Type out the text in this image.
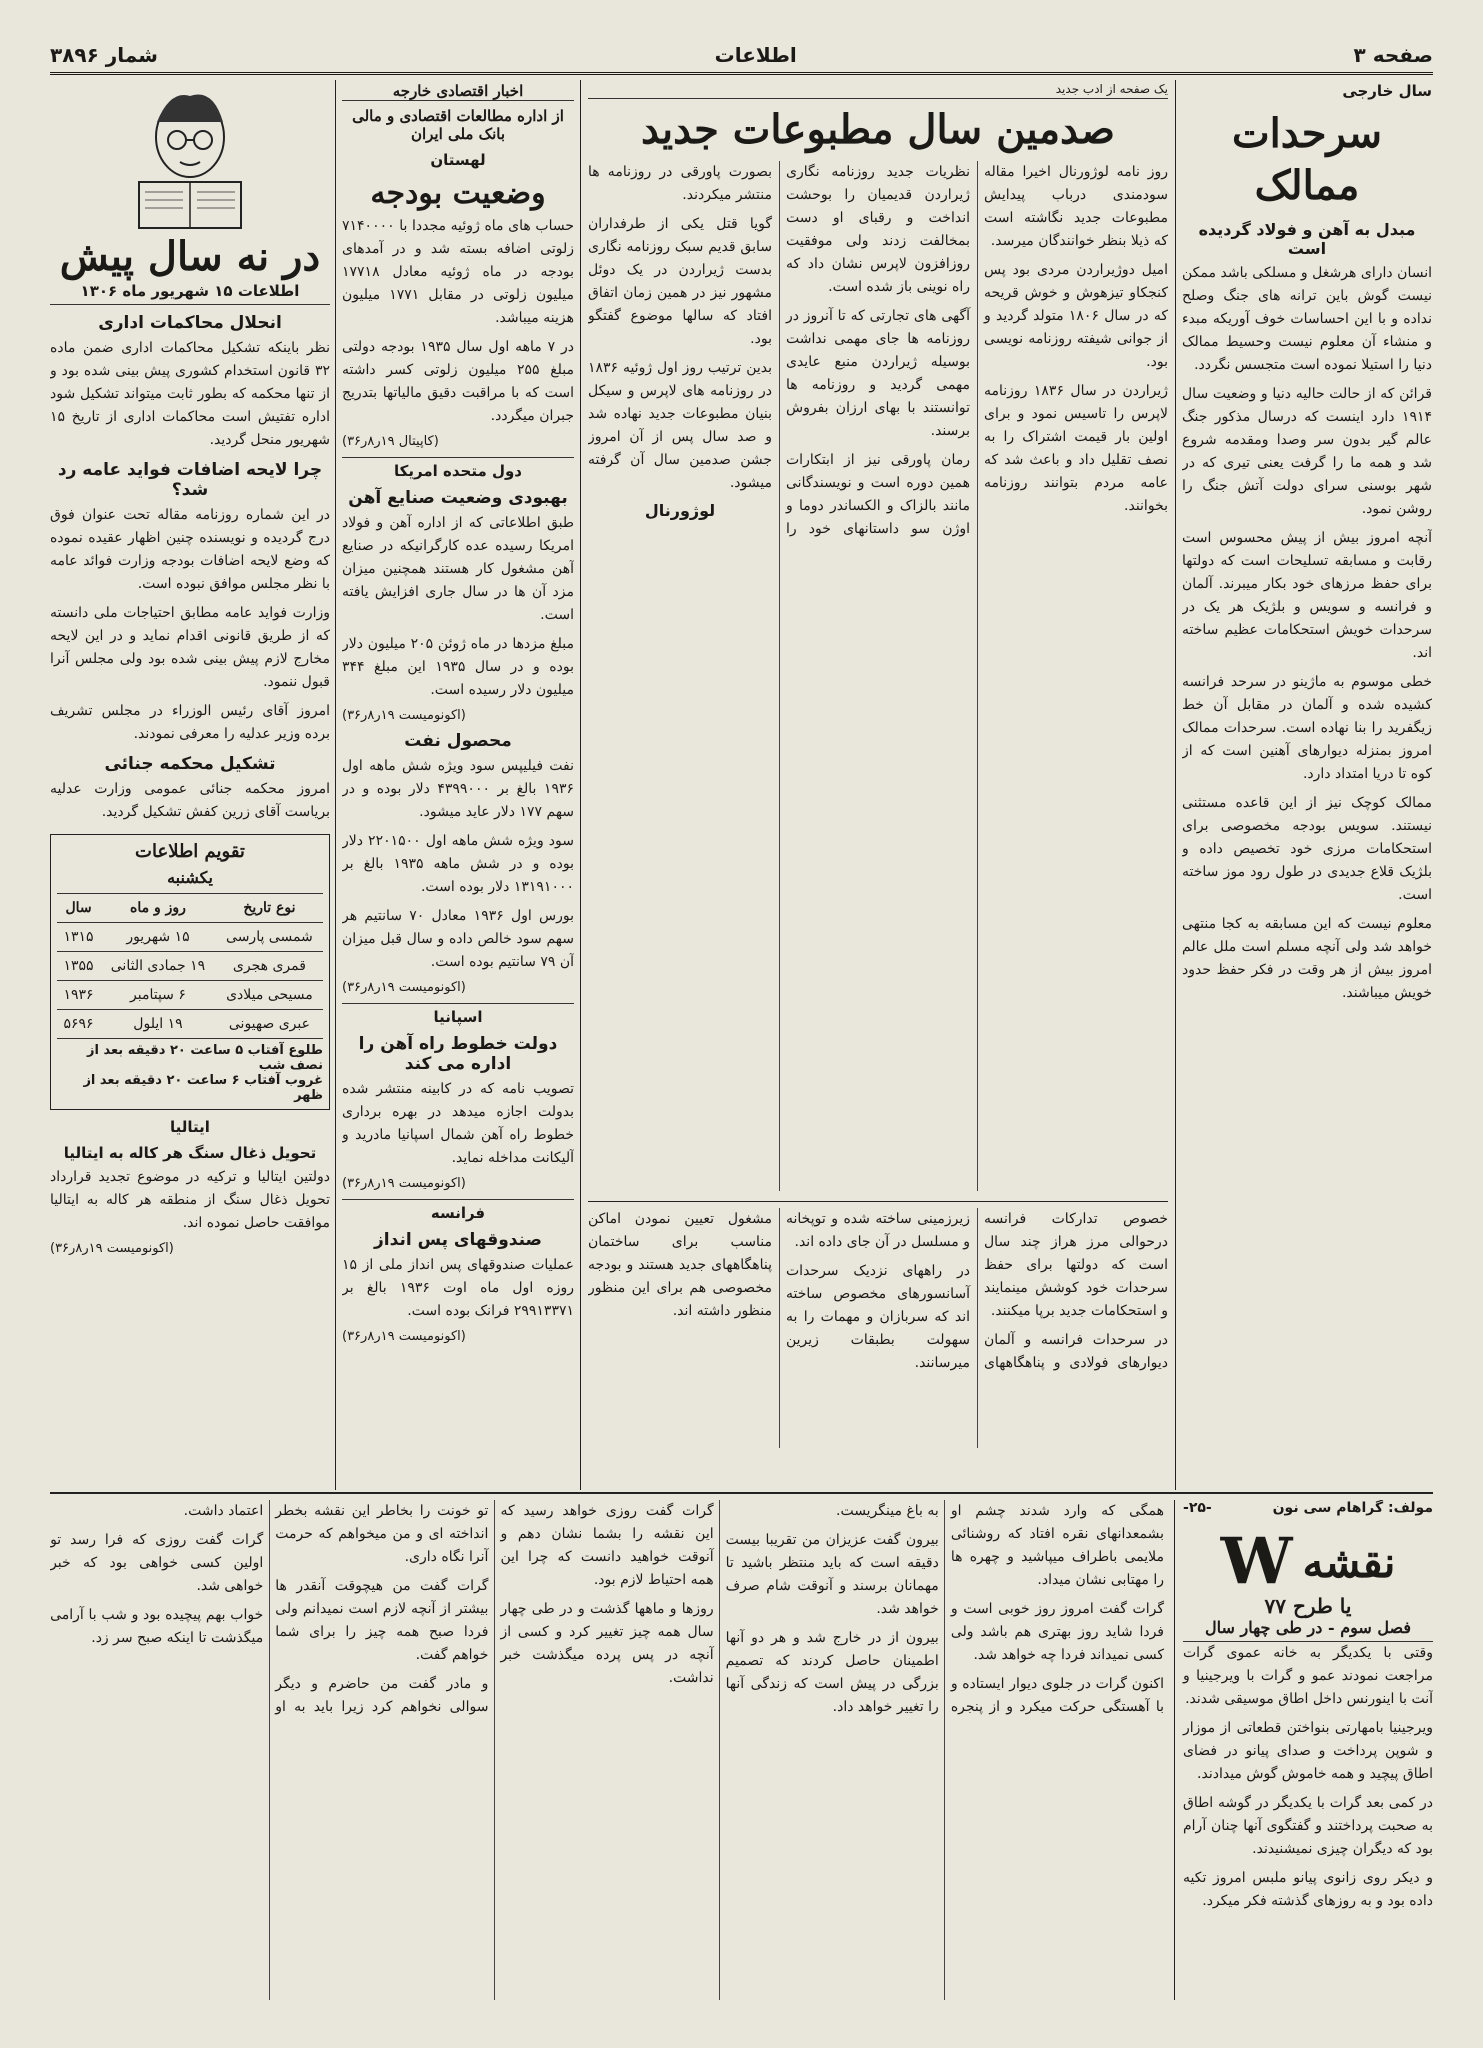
صفحه ۳
اطلاعات
شمار ۳۸۹۶
سال خارجی
سرحدات ممالک
مبدل به آهن و فولاد گردیده است

انسان دارای هرشغل و مسلکی باشد ممکن نیست گوش باین ترانه های جنگ وصلح نداده و با این احساسات خوف آوریکه مبدء و منشاء آن معلوم نیست وحسیط ممالک دنیا را استیلا نموده است متجسس نگردد.

قرائن که از حالت حالیه دنیا و وضعیت سال ۱۹۱۴ دارد اینست که درسال مذکور جنگ عالم گیر بدون سر وصدا ومقدمه شروع شد و همه ما را گرفت یعنی تیری که در شهر بوسنی سرای دولت آتش جنگ را روشن نمود.

آنچه امروز بیش از پیش محسوس است رقابت و مسابقه تسلیحات است که دولتها برای حفظ مرزهای خود بکار میبرند. آلمان و فرانسه و سویس و بلژیک هر یک در سرحدات خویش استحکامات عظیم ساخته اند.

خطی موسوم به ماژینو در سرحد فرانسه کشیده شده و آلمان در مقابل آن خط زیگفرید را بنا نهاده است. سرحدات ممالک امروز بمنزله دیوارهای آهنین است که از کوه تا دریا امتداد دارد.

ممالک کوچک نیز از این قاعده مستثنی نیستند. سویس بودجه مخصوصی برای استحکامات مرزی خود تخصیص داده و بلژیک قلاع جدیدی در طول رود موز ساخته است.

معلوم نیست که این مسابقه به کجا منتهی خواهد شد ولی آنچه مسلم است ملل عالم امروز بیش از هر وقت در فکر حفظ حدود خویش میباشند.

یک صفحه از ادب جدید
صدمین سال مطبوعات جدید

روز نامه لوژورنال اخیرا مقاله سودمندی درباب پیدایش مطبوعات جدید نگاشته است که ذیلا بنظر خوانندگان میرسد.

امیل دوژیراردن مردی بود پس کنجکاو تیزهوش و خوش قریحه که در سال ۱۸۰۶ متولد گردید و از جوانی شیفته روزنامه نویسی بود.

ژیراردن در سال ۱۸۳۶ روزنامه لاپرس را تاسیس نمود و برای اولین بار قیمت اشتراک را به نصف تقلیل داد و باعث شد که عامه مردم بتوانند روزنامه بخوانند.

نظریات جدید روزنامه نگاری ژیراردن قدیمیان را بوحشت انداخت و رقبای او دست بمخالفت زدند ولی موفقیت روزافزون لاپرس نشان داد که راه نوینی باز شده است.

آگهی های تجارتی که تا آنروز در روزنامه ها جای مهمی نداشت بوسیله ژیراردن منبع عایدی مهمی گردید و روزنامه ها توانستند با بهای ارزان بفروش برسند.

رمان پاورقی نیز از ابتکارات همین دوره است و نویسندگانی مانند بالزاک و الکساندر دوما و اوژن سو داستانهای خود را بصورت پاورقی در روزنامه ها منتشر میکردند.

گویا قتل یکی از طرفداران سابق قدیم سبک روزنامه نگاری بدست ژیراردن در یک دوئل مشهور نیز در همین زمان اتفاق افتاد که سالها موضوع گفتگو بود.

بدین ترتیب روز اول ژوئیه ۱۸۳۶ در روزنامه های لاپرس و سیکل بنیان مطبوعات جدید نهاده شد و صد سال پس از آن امروز جشن صدمین سال آن گرفته میشود.

لوژورنال

خصوص تدارکات فرانسه درحوالی مرز هراز چند سال است که دولتها برای حفظ سرحدات خود کوشش مینمایند و استحکامات جدید برپا میکنند.

در سرحدات فرانسه و آلمان دیوارهای فولادی و پناهگاههای زیرزمینی ساخته شده و توپخانه و مسلسل در آن جای داده اند.

در راههای نزدیک سرحدات آسانسورهای مخصوص ساخته اند که سربازان و مهمات را به سهولت بطبقات زیرین میرسانند.

مشغول تعیین نمودن اماکن مناسب برای ساختمان پناهگاههای جدید هستند و بودجه مخصوصی هم برای این منظور منظور داشته اند.

اخبار اقتصادی خارجه
از اداره مطالعات اقتصادی و مالی بانک ملی ایران
لهستان
وضعیت بودجه

حساب های ماه ژوئیه مجددا با ۷۱۴۰۰۰۰ زلوتی اضافه بسته شد و در آمدهای بودجه در ماه ژوئیه معادل ۱۷۷۱۸ میلیون زلوتی در مقابل ۱۷۷۱ میلیون هزینه میباشد.

در ۷ ماهه اول سال ۱۹۳۵ بودجه دولتی مبلغ ۲۵۵ میلیون زلوتی کسر داشته است که با مراقبت دقیق مالیاتها بتدریج جبران میگردد.

(کاپیتال ۱۹ر۸ر۳۶)
دول متحده امریکا
بهبودی وضعیت صنایع آهن

طبق اطلاعاتی که از اداره آهن و فولاد امریکا رسیده عده کارگرانیکه در صنایع آهن مشغول کار هستند همچنین میزان مزد آن ها در سال جاری افزایش یافته است.

مبلغ مزدها در ماه ژوئن ۲۰۵ میلیون دلار بوده و در سال ۱۹۳۵ این مبلغ ۳۴۴ میلیون دلار رسیده است.

(اکونومیست ۱۹ر۸ر۳۶)
محصول نفت

نفت فیلیپس سود ویژه شش ماهه اول ۱۹۳۶ بالغ بر ۴۳۹۹۰۰۰ دلار بوده و در سهم ۱۷۷ دلار عاید میشود.

سود ویژه شش ماهه اول ۲۲۰۱۵۰۰ دلار بوده و در شش ماهه ۱۹۳۵ بالغ بر ۱۳۱۹۱۰۰۰ دلار بوده است.

بورس اول ۱۹۳۶ معادل ۷۰ سانتیم هر سهم سود خالص داده و سال قبل میزان آن ۷۹ سانتیم بوده است.

(اکونومیست ۱۹ر۸ر۳۶)
اسپانیا
دولت خطوط راه آهن را اداره می کند

تصویب نامه که در کابینه منتشر شده بدولت اجازه میدهد در بهره برداری خطوط راه آهن شمال اسپانیا مادرید و آلیکانت مداخله نماید.

(اکونومیست ۱۹ر۸ر۳۶)
فرانسه
صندوقهای پس انداز

عملیات صندوقهای پس انداز ملی از ۱۵ روزه اول ماه اوت ۱۹۳۶ بالغ بر ۲۹۹۱۳۳۷۱ فرانک بوده است.

(اکونومیست ۱۹ر۸ر۳۶)
در نه سال پیش
اطلاعات ۱۵ شهریور ماه ۱۳۰۶
انحلال محاکمات اداری

نظر باینکه تشکیل محاکمات اداری ضمن ماده ۳۲ قانون استخدام کشوری پیش بینی شده بود و از تنها محکمه که بطور ثابت میتواند تشکیل شود اداره تفتیش است محاکمات اداری از تاریخ ۱۵ شهریور منحل گردید.

چرا لایحه اضافات فواید عامه رد شد؟

در این شماره روزنامه مقاله تحت عنوان فوق درج گردیده و نویسنده چنین اظهار عقیده نموده که وضع لایحه اضافات بودجه وزارت فوائد عامه با نظر مجلس موافق نبوده است.

وزارت فواید عامه مطابق احتیاجات ملی دانسته که از طریق قانونی اقدام نماید و در این لایحه مخارج لازم پیش بینی شده بود ولی مجلس آنرا قبول ننمود.

امروز آقای رئیس الوزراء در مجلس تشریف برده وزیر عدلیه را معرفی نمودند.

تشکیل محکمه جنائی

امروز محکمه جنائی عمومی وزارت عدلیه بریاست آقای زرین کفش تشکیل گردید.

تقویم اطلاعات
یکشنبه
نوع تاریخ	روز و ماه	سال
شمسی پارسی	۱۵ شهریور	۱۳۱۵
قمری هجری	۱۹ جمادی الثانی	۱۳۵۵
مسیحی میلادی	۶ سپتامبر	۱۹۳۶
عبری صهیونی	۱۹ ایلول	۵۶۹۶
طلوع آفتاب ۵ ساعت ۲۰ دقیقه بعد از نصف شب
غروب آفتاب ۶ ساعت ۲۰ دقیقه بعد از ظهر
ایتالیا
تحویل ذغال سنگ هر کاله به ایتالیا

دولتین ایتالیا و ترکیه در موضوع تجدید قرارداد تحویل ذغال سنگ از منطقه هر کاله به ایتالیا موافقت حاصل نموده اند.

(اکونومیست ۱۹ر۸ر۳۶)
مولف: گراهام سی نون
-۲۵-
نقشه
W
یا طرح ۷۷
فصل سوم - در طی چهار سال

وقتی با یکدیگر به خانه عموی گرات مراجعت نمودند عمو و گرات با ویرجینیا و آنت با اینورنس داخل اطاق موسیقی شدند.

ویرجینیا بامهارتی بنواختن قطعاتی از موزار و شوپن پرداخت و صدای پیانو در فضای اطاق پیچید و همه خاموش گوش میدادند.

در کمی بعد گرات با یکدیگر در گوشه اطاق به صحبت پرداختند و گفتگوی آنها چنان آرام بود که دیگران چیزی نمیشنیدند.

و دیکر روی زانوی پیانو ملبس امروز تکیه داده بود و به روزهای گذشته فکر میکرد.

همگی که وارد شدند چشم او بشمعدانهای نقره افتاد که روشنائی ملایمی باطراف میپاشید و چهره ها را مهتابی نشان میداد.

گرات گفت امروز روز خوبی است و فردا شاید روز بهتری هم باشد ولی کسی نمیداند فردا چه خواهد شد.

اکنون گرات در جلوی دیوار ایستاده و با آهستگی حرکت میکرد و از پنجره به باغ مینگریست.

بیرون گفت عزیزان من تقریبا بیست دقیقه است که باید منتظر باشید تا مهمانان برسند و آنوقت شام صرف خواهد شد.

بیرون از در خارج شد و هر دو آنها اطمینان حاصل کردند که تصمیم بزرگی در پیش است که زندگی آنها را تغییر خواهد داد.

گرات گفت روزی خواهد رسید که این نقشه را بشما نشان دهم و آنوقت خواهید دانست که چرا این همه احتیاط لازم بود.

روزها و ماهها گذشت و در طی چهار سال همه چیز تغییر کرد و کسی از آنچه در پس پرده میگذشت خبر نداشت.

تو خونت را بخاطر این نقشه بخطر انداخته ای و من میخواهم که حرمت آنرا نگاه داری.

گرات گفت من هیچوقت آنقدر ها بیشتر از آنچه لازم است نمیدانم ولی فردا صبح همه چیز را برای شما خواهم گفت.

و مادر گفت من حاضرم و دیگر سوالی نخواهم کرد زیرا باید به او اعتماد داشت.

گرات گفت روزی که فرا رسد تو اولین کسی خواهی بود که خبر خواهی شد.

خواب بهم پیچیده بود و شب با آرامی میگذشت تا اینکه صبح سر زد.
